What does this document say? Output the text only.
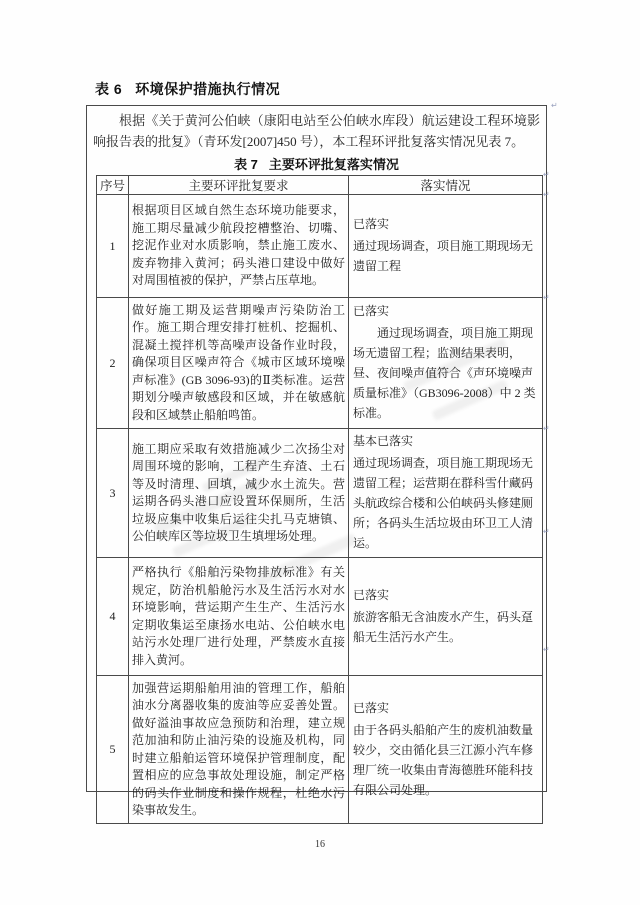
表 6 环境保护措施执行情况

根据《关于黄河公伯峡（康阳电站至公伯峡水库段）航运建设工程环境影响报告表的批复》（青环发[2007]450 号），本工程环评批复落实情况见表 7。

表 7 主要环评批复落实情况
序号	主要环评批复要求	落实情况
1	根据项目区域自然生态环境功能要求，施工期尽量减少航段挖槽整治、切嘴、挖泥作业对水质影响，禁止施工废水、废弃物排入黄河；码头港口建设中做好对周围植被的保护，严禁占压草地。	已落实

通过现场调查，项目施工期现场无遗留工程

2	做好施工期及运营期噪声污染防治工作。施工期合理安排打桩机、挖掘机、混凝土搅拌机等高噪声设备作业时段，确保项目区噪声符合《城市区域环境噪声标准》(GB 3096-93)的Ⅱ类标准。运营期划分噪声敏感段和区域，并在敏感航段和区域禁止船舶鸣笛。	已落实

　　通过现场调查，项目施工期现场无遗留工程；监测结果表明，昼、夜间噪声值符合《声环境噪声质量标准》（GB3096-2008）中 2 类标准。

3	施工期应采取有效措施减少二次扬尘对周围环境的影响，工程产生弃渣、土石等及时清理、回填，减少水土流失。营运期各码头港口应设置环保厕所，生活垃圾应集中收集后运往尖扎马克塘镇、公伯峡库区等垃圾卫生填埋场处理。	基本已落实

通过现场调查，项目施工期现场无遗留工程；运营期在群科雪什藏码头航政综合楼和公伯峡码头修建厕所；各码头生活垃圾由环卫工人清运。

4	严格执行《船舶污染物排放标准》有关规定，防治机船舱污水及生活污水对水环境影响，营运期产生生产、生活污水定期收集运至康扬水电站、公伯峡水电站污水处理厂进行处理，严禁废水直接排入黄河。	已落实

旅游客船无含油废水产生，码头趸船无生活污水产生。

5	加强营运期船舶用油的管理工作，船舶油水分离器收集的废油等应妥善处置。做好溢油事故应急预防和治理，建立规范加油和防止油污染的设施及机构，同时建立船舶运管环境保护管理制度，配置相应的应急事故处理设施，制定严格的码头作业制度和操作规程，杜绝水污染事故发生。	已落实

由于各码头船舶产生的废机油数量较少，交由循化县三江源小汽车修理厂统一收集由青海德胜环能科技有限公司处理。

16
↵
↵
↵
↵
↵
↵
↵
